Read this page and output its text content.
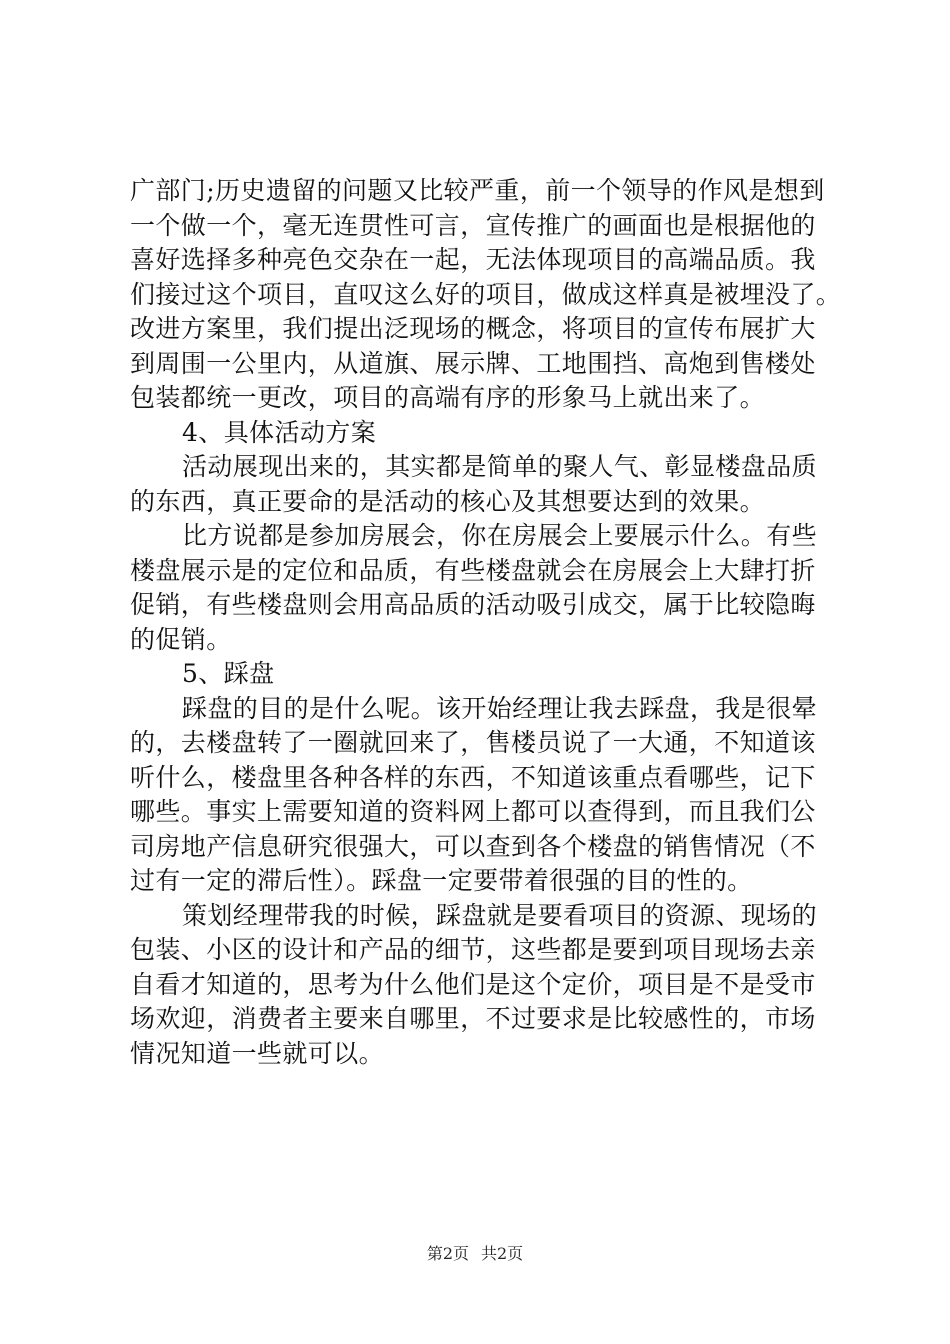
广部门;历史遗留的问题又比较严重，前一个领导的作风是想到
一个做一个，毫无连贯性可言，宣传推广的画面也是根据他的
喜好选择多种亮色交杂在一起，无法体现项目的高端品质。我
们接过这个项目，直叹这么好的项目，做成这样真是被埋没了。
改进方案里，我们提出泛现场的概念，将项目的宣传布展扩大
到周围一公里内，从道旗、展示牌、工地围挡、高炮到售楼处
包装都统一更改，项目的高端有序的形象马上就出来了。
4、具体活动方案
活动展现出来的，其实都是简单的聚人气、彰显楼盘品质
的东西，真正要命的是活动的核心及其想要达到的效果。
比方说都是参加房展会，你在房展会上要展示什么。有些
楼盘展示是的定位和品质，有些楼盘就会在房展会上大肆打折
促销，有些楼盘则会用高品质的活动吸引成交，属于比较隐晦
的促销。
5、踩盘
踩盘的目的是什么呢。该开始经理让我去踩盘，我是很晕
的，去楼盘转了一圈就回来了，售楼员说了一大通，不知道该
听什么，楼盘里各种各样的东西，不知道该重点看哪些，记下
哪些。事实上需要知道的资料网上都可以查得到，而且我们公
司房地产信息研究很强大，可以查到各个楼盘的销售情况（不
过有一定的滞后性）。踩盘一定要带着很强的目的性的。
策划经理带我的时候，踩盘就是要看项目的资源、现场的
包装、小区的设计和产品的细节，这些都是要到项目现场去亲
自看才知道的，思考为什么他们是这个定价，项目是不是受市
场欢迎，消费者主要来自哪里，不过要求是比较感性的，市场
情况知道一些就可以。
第2页 共2页
